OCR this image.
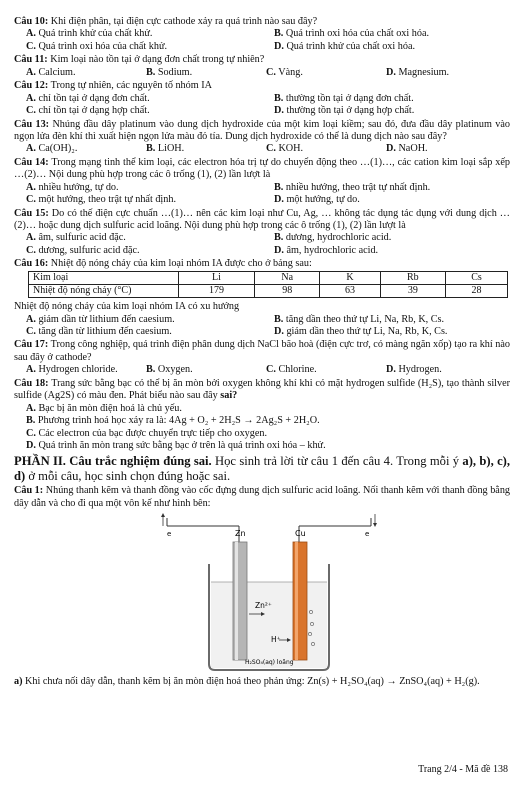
Câu 10: Khi điện phân, tại điện cực cathode xảy ra quá trình nào sau đây?
A. Quá trình khử của chất khử.	B. Quá trình oxi hóa của chất oxi hóa.
C. Quá trình oxi hóa của chất khử.	D. Quá trình khử của chất oxi hóa.
Câu 11: Kim loại nào tồn tại ở dạng đơn chất trong tự nhiên?
A. Calcium.	B. Sodium.	C. Vàng.	D. Magnesium.
Câu 12: Trong tự nhiên, các nguyên tố nhóm IA
A. chỉ tồn tại ở dạng đơn chất.	B. thường tồn tại ở dạng đơn chất.
C. chỉ tồn tại ở dạng hợp chất.	D. thường tồn tại ở dạng hợp chất.
Câu 13: Nhúng đầu dây platinum vào dung dịch hydroxide của một kim loại kiềm; sau đó, đưa đầu dây platinum vào ngọn lửa đèn khí thì xuất hiện ngọn lửa màu đỏ tía. Dung dịch hydroxide có thể là dung dịch nào sau đây?
A. Ca(OH)₂.	B. LiOH.	C. KOH.	D. NaOH.
Câu 14: Trong mạng tinh thể kim loại, các electron hóa trị tự do chuyển động theo …(1)…, các cation kim loại sắp xếp …(2)… Nội dung phù hợp trong các ô trống (1), (2) lần lượt là
A. nhiều hướng, tự do.	B. nhiều hướng, theo trật tự nhất định.
C. một hướng, theo trật tự nhất định.	D. một hướng, tự do.
Câu 15: Do có thế điện cực chuẩn …(1)… nên các kim loại như Cu, Ag, … không tác dụng tác dụng với dung dịch …(2)… hoặc dung dịch sulfuric acid loãng. Nội dung phù hợp trong các ô trống (1), (2) lần lượt là
A. âm, sulfuric acid đặc.	B. dương, hydrochloric acid.
C. dương, sulfuric acid đặc.	D. âm, hydrochloric acid.
Câu 16: Nhiệt độ nóng chảy của kim loại nhóm IA được cho ở bảng sau:
Kim loại	Li	Na	K	Rb	Cs
Nhiệt độ nóng chảy (°C)	179	98	63	39	28
Nhiệt độ nóng chảy của kim loại nhóm IA có xu hướng
A. giảm dần từ lithium đến caesium.	B. tăng dần theo thứ tự Li, Na, Rb, K, Cs.
C. tăng dần từ lithium đến caesium.	D. giảm dần theo thứ tự Li, Na, Rb, K, Cs.
Câu 17: Trong công nghiệp, quá trình điện phân dung dịch NaCl bão hoà (điện cực trơ, có màng ngăn xốp) tạo ra khí nào sau đây ở cathode?
A. Hydrogen chloride.	B. Oxygen.	C. Chlorine.	D. Hydrogen.
Câu 18: Trang sức bằng bạc có thể bị ăn mòn bởi oxygen không khí khi có mặt hydrogen sulfide (H₂S), tạo thành silver sulfide (Ag2S) có màu đen. Phát biểu nào sau đây sai?
A. Bạc bị ăn mòn điện hoá là chủ yếu.
B. Phương trình hoá học xảy ra là: 4Ag + O₂ + 2H₂S → 2Ag₂S + 2H₂O.
C. Các electron của bạc được chuyển trực tiếp cho oxygen.
D. Quá trình ăn mòn trang sức bằng bạc ở trên là quá trình oxi hóa – khử.
PHẦN II. Câu trắc nghiệm đúng sai. Học sinh trả lời từ câu 1 đến câu 4. Trong mỗi ý a), b), c), d) ở mỗi câu, học sinh chọn đúng hoặc sai.
Câu 1: Nhúng thanh kẽm và thanh đồng vào cốc đựng dung dịch sulfuric acid loãng. Nối thanh kẽm với thanh đồng bằng dây dẫn và cho đi qua một vôn kế như hình bên:
e	e
Zn	Cu
Zn²⁺
H⁺
H₂SO₄(aq) loãng
a) Khi chưa nối dây dẫn, thanh kẽm bị ăn mòn điện hoá theo phản ứng: Zn(s) + H₂SO₄(aq) → ZnSO₄(aq) + H₂(g).
Trang 2/4 - Mã đề 138
